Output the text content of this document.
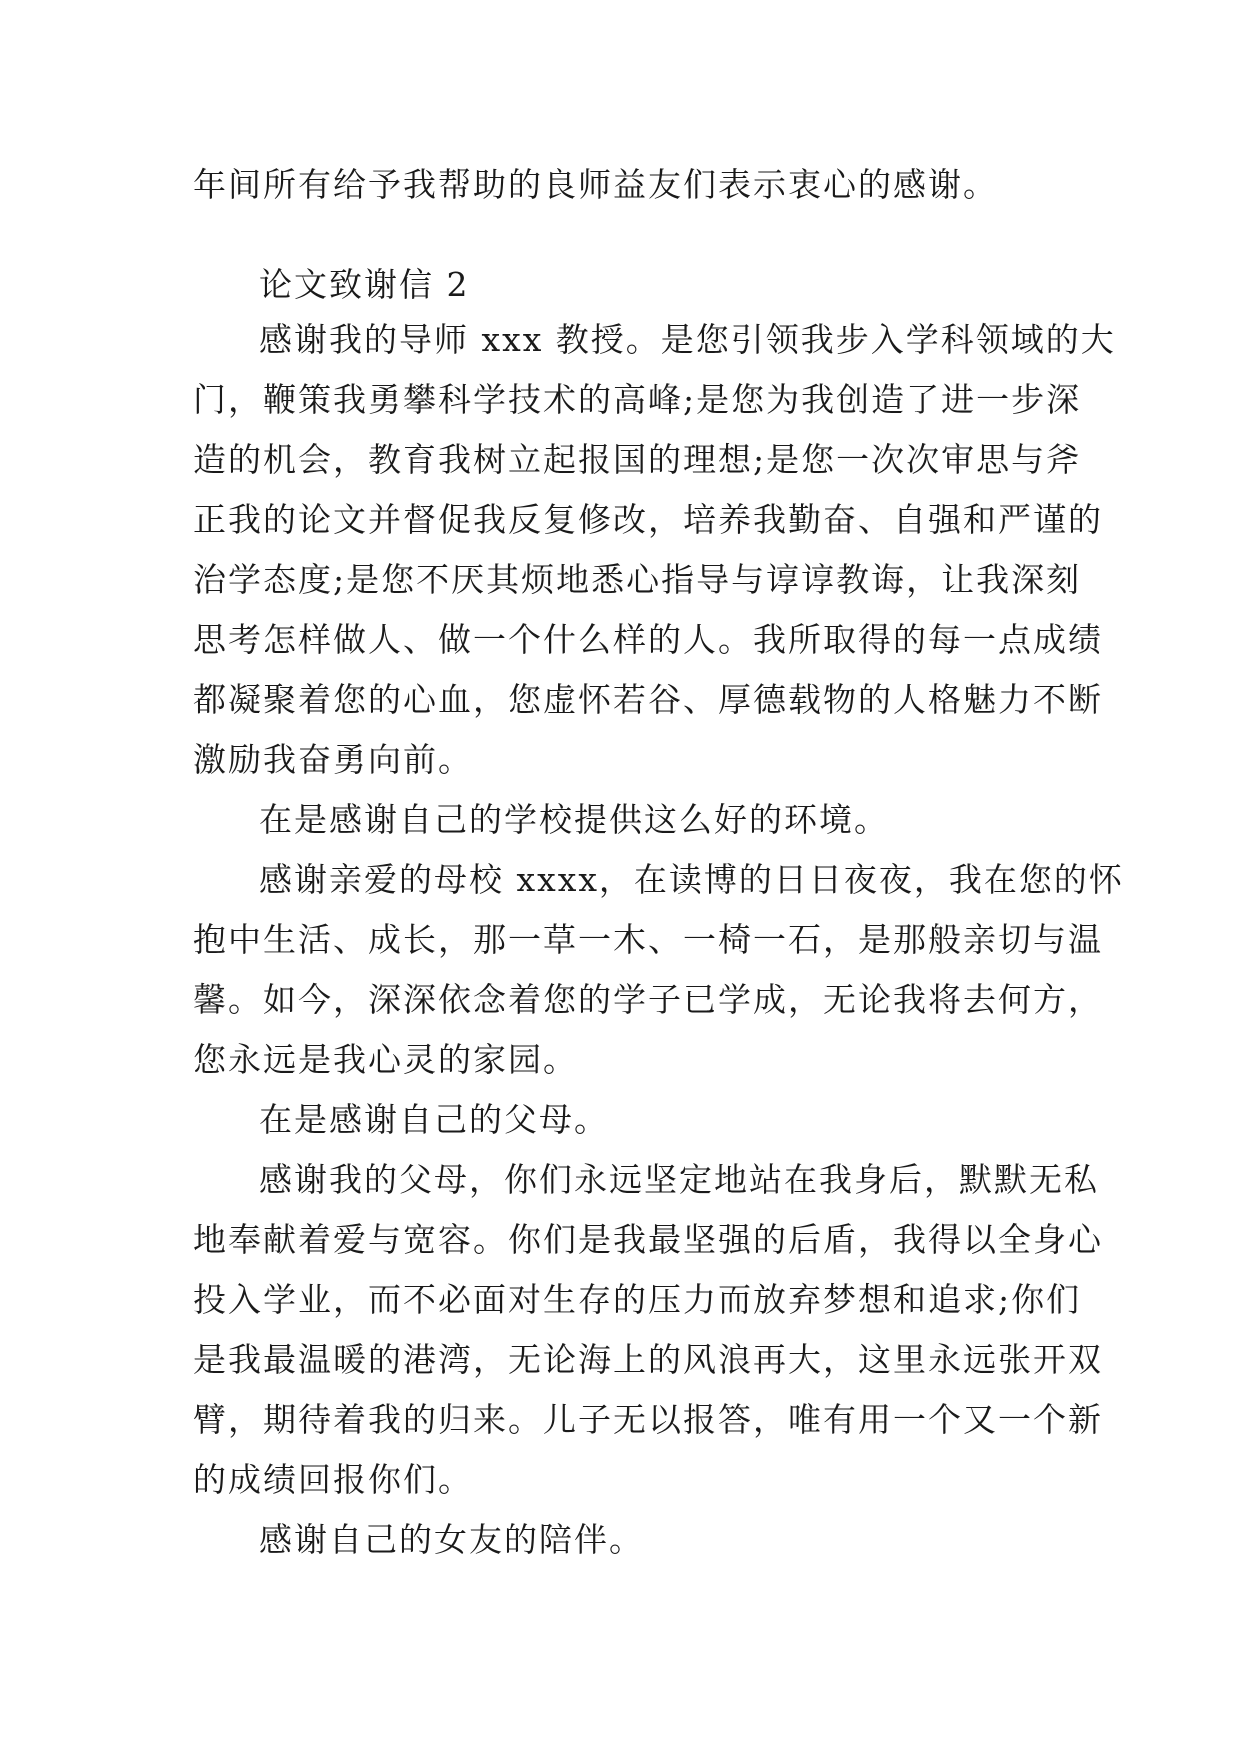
年间所有给予我帮助的良师益友们表示衷心的感谢。
论文致谢信 2
感谢我的导师 xxx 教授。是您引领我步入学科领域的大
门，鞭策我勇攀科学技术的高峰;是您为我创造了进一步深
造的机会，教育我树立起报国的理想;是您一次次审思与斧
正我的论文并督促我反复修改，培养我勤奋、自强和严谨的
治学态度;是您不厌其烦地悉心指导与谆谆教诲，让我深刻
思考怎样做人、做一个什么样的人。我所取得的每一点成绩
都凝聚着您的心血，您虚怀若谷、厚德载物的人格魅力不断
激励我奋勇向前。
在是感谢自己的学校提供这么好的环境。
感谢亲爱的母校 xxxx，在读博的日日夜夜，我在您的怀
抱中生活、成长，那一草一木、一椅一石，是那般亲切与温
馨。如今，深深依念着您的学子已学成，无论我将去何方，
您永远是我心灵的家园。
在是感谢自己的父母。
感谢我的父母，你们永远坚定地站在我身后，默默无私
地奉献着爱与宽容。你们是我最坚强的后盾，我得以全身心
投入学业，而不必面对生存的压力而放弃梦想和追求;你们
是我最温暖的港湾，无论海上的风浪再大，这里永远张开双
臂，期待着我的归来。儿子无以报答，唯有用一个又一个新
的成绩回报你们。
感谢自己的女友的陪伴。
